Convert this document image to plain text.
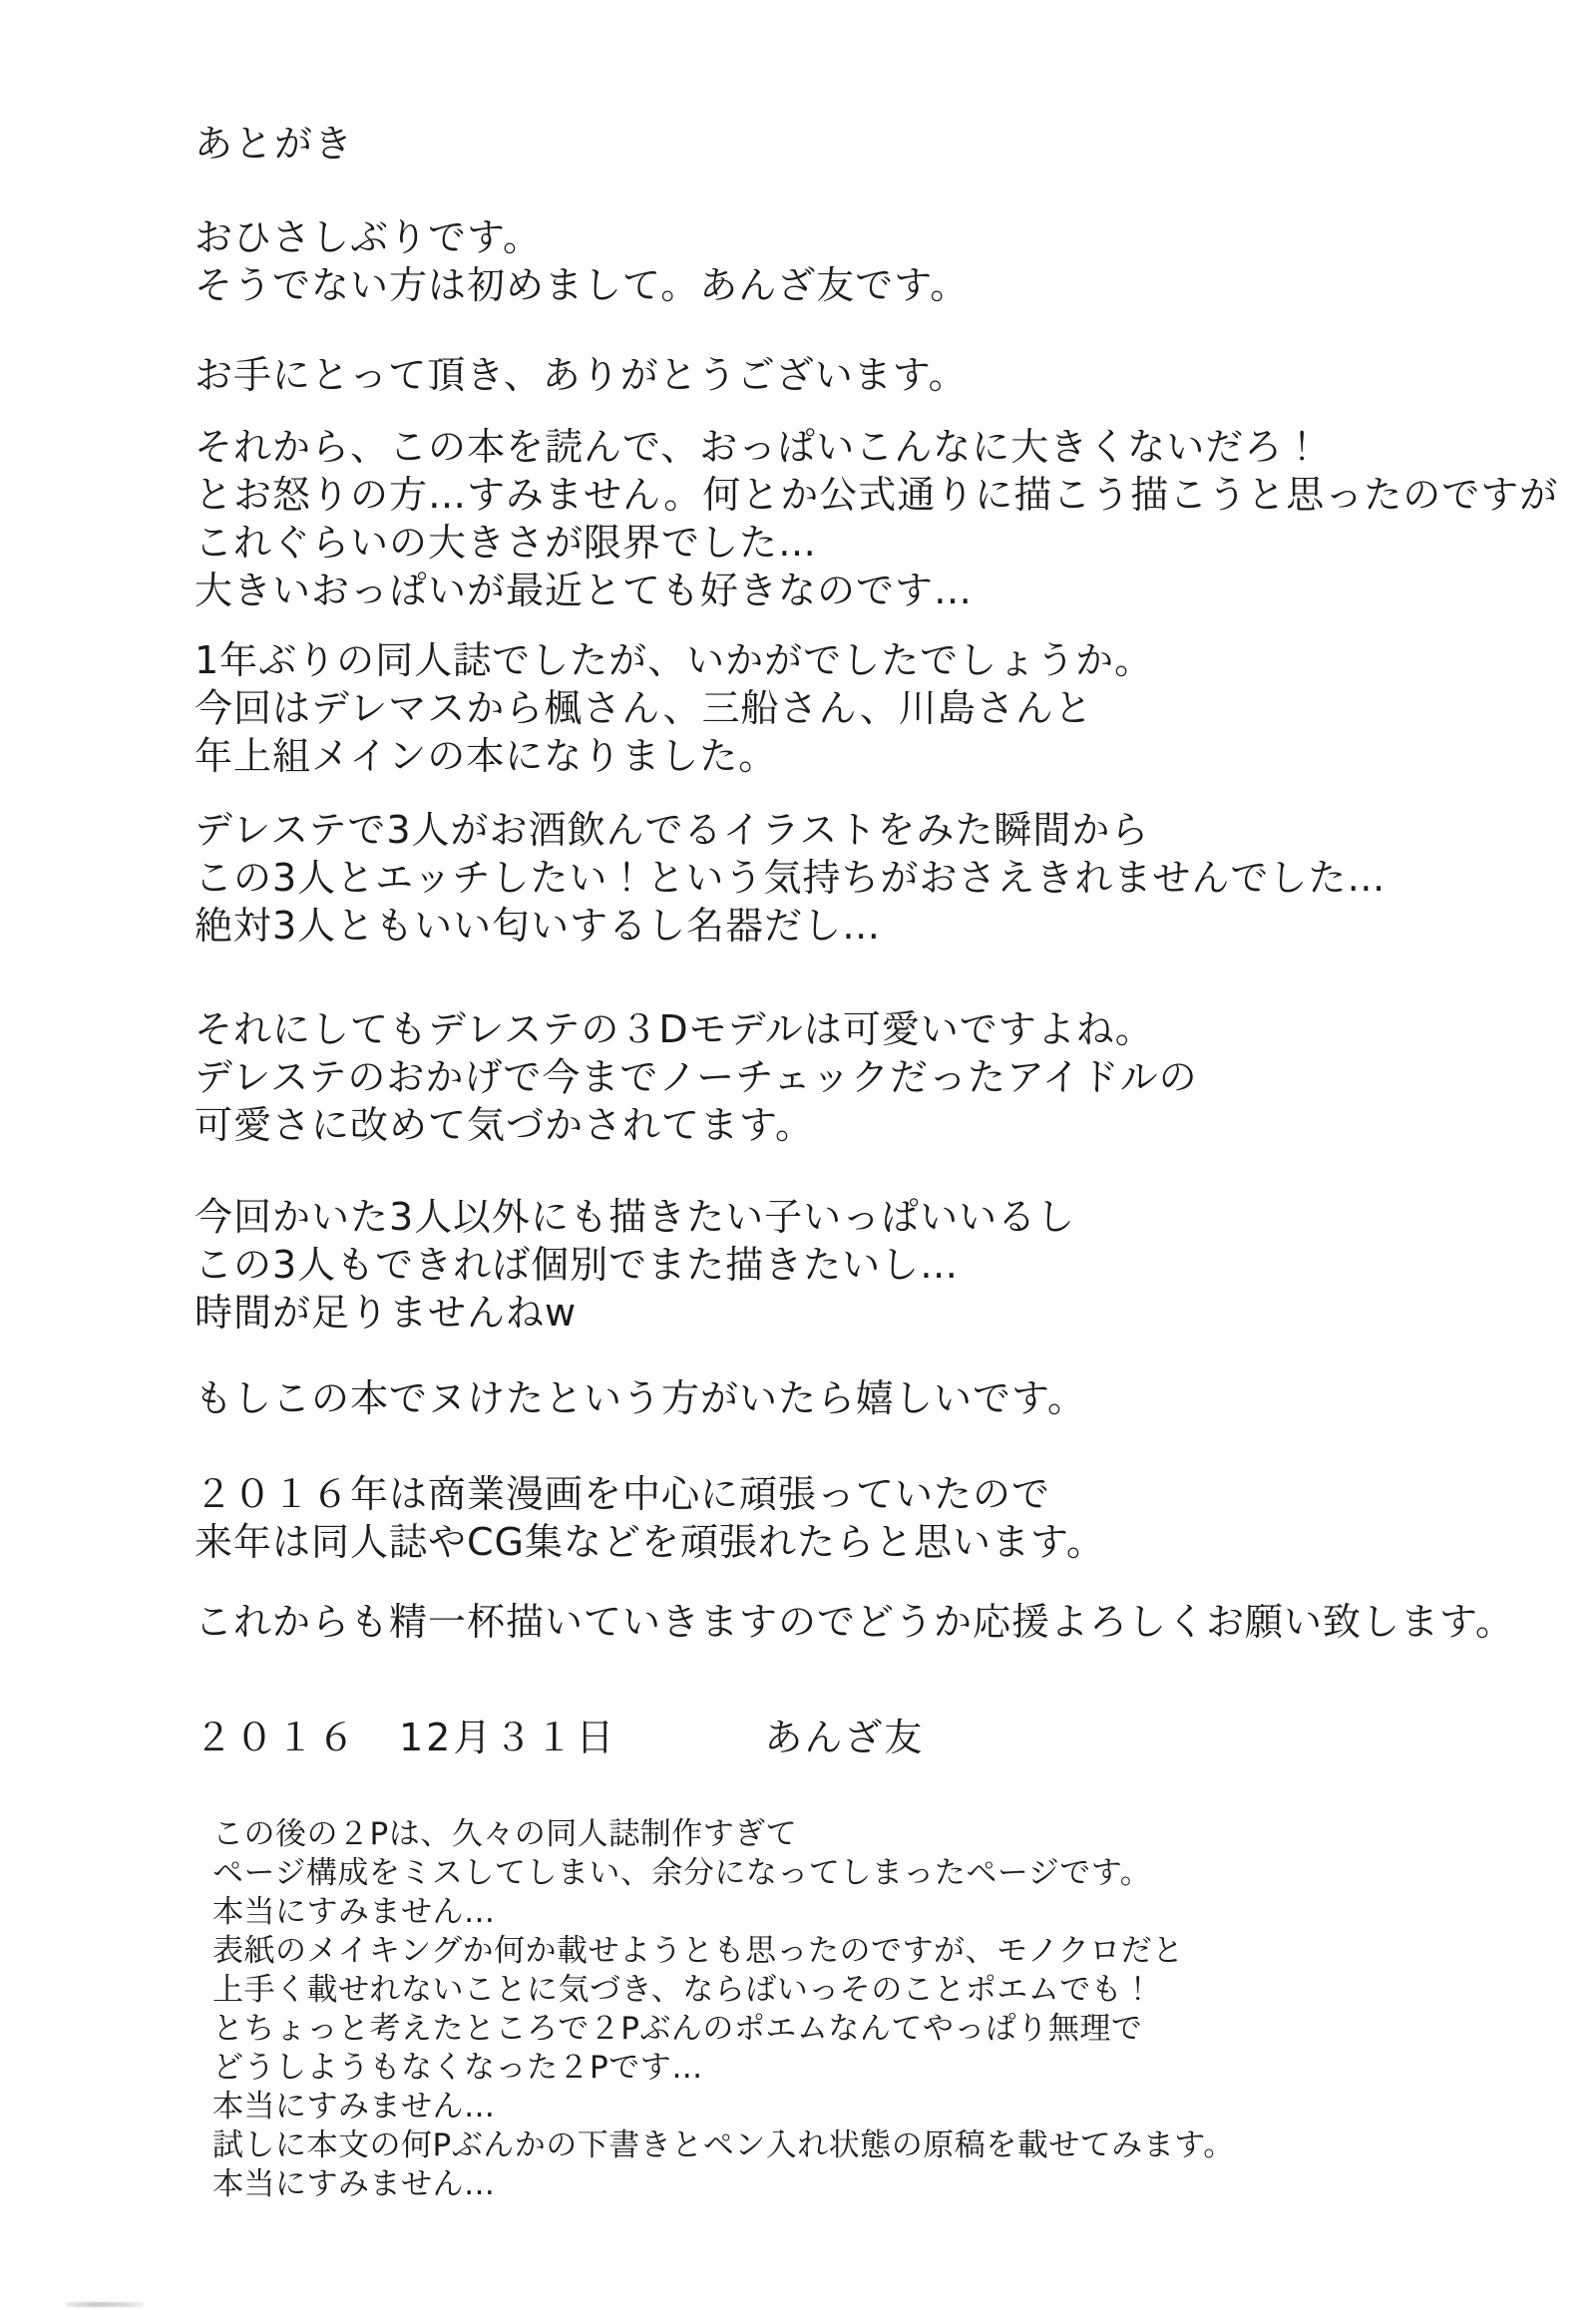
あとがき
おひさしぶりです。
そうでない方は初めまして。あんざ友です。
お手にとって頂き、ありがとうございます。
それから、この本を読んで、おっぱいこんなに大きくないだろ！
とお怒りの方…すみません。何とか公式通りに描こう描こうと思ったのですが
これぐらいの大きさが限界でした…
大きいおっぱいが最近とても好きなのです…
1年ぶりの同人誌でしたが、いかがでしたでしょうか。
今回はデレマスから楓さん、三船さん、川島さんと
年上組メインの本になりました。
デレステで3人がお酒飲んでるイラストをみた瞬間から
この3人とエッチしたい！という気持ちがおさえきれませんでした…
絶対3人ともいい匂いするし名器だし…
それにしてもデレステの３Dモデルは可愛いですよね。
デレステのおかげで今までノーチェックだったアイドルの
可愛さに改めて気づかされてます。
今回かいた3人以外にも描きたい子いっぱいいるし
この3人もできれば個別でまた描きたいし…
時間が足りませんねw
もしこの本でヌけたという方がいたら嬉しいです。
２０１６年は商業漫画を中心に頑張っていたので
来年は同人誌やCG集などを頑張れたらと思います。
これからも精一杯描いていきますのでどうか応援よろしくお願い致します。
２０１６　12月３１日	あんざ友
この後の２Pは、久々の同人誌制作すぎて
ページ構成をミスしてしまい、余分になってしまったページです。
本当にすみません…
表紙のメイキングか何か載せようとも思ったのですが、モノクロだと
上手く載せれないことに気づき、ならばいっそのことポエムでも！
とちょっと考えたところで２Pぶんのポエムなんてやっぱり無理で
どうしようもなくなった２Pです…
本当にすみません…
試しに本文の何Pぶんかの下書きとペン入れ状態の原稿を載せてみます。
本当にすみません…
